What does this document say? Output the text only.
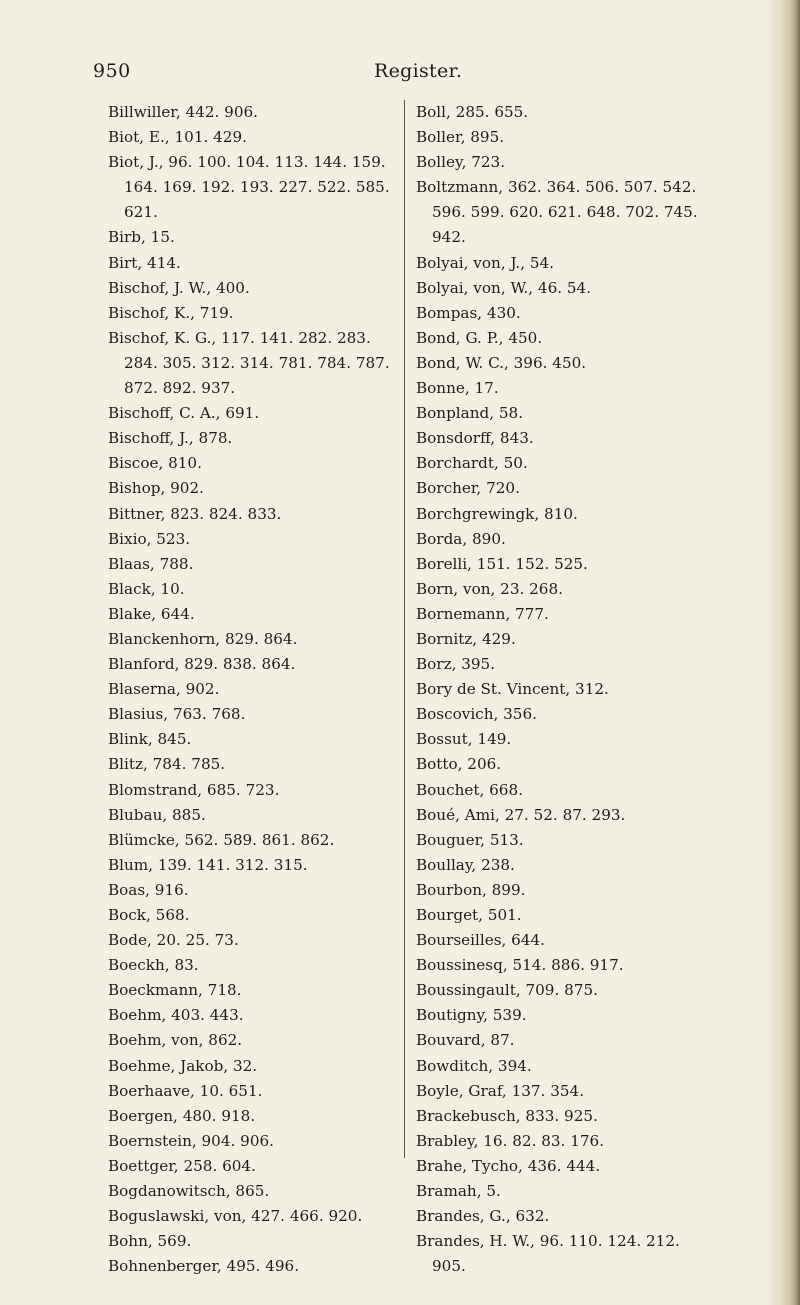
950	Register.
Billwiller, 442. 906.
Biot, E., 101. 429.
Biot, J., 96. 100. 104. 113. 144. 159.
164. 169. 192. 193. 227. 522. 585.
621.
Birb, 15.
Birt, 414.
Bischof, J. W., 400.
Bischof, K., 719.
Bischof, K. G., 117. 141. 282. 283.
284. 305. 312. 314. 781. 784. 787.
872. 892. 937.
Bischoff, C. A., 691.
Bischoff, J., 878.
Biscoe, 810.
Bishop, 902.
Bittner, 823. 824. 833.
Bixio, 523.
Blaas, 788.
Black, 10.
Blake, 644.
Blanckenhorn, 829. 864.
Blanford, 829. 838. 864.
Blaserna, 902.
Blasius, 763. 768.
Blink, 845.
Blitz, 784. 785.
Blomstrand, 685. 723.
Blubau, 885.
Blümcke, 562. 589. 861. 862.
Blum, 139. 141. 312. 315.
Boas, 916.
Bock, 568.
Bode, 20. 25. 73.
Boeckh, 83.
Boeckmann, 718.
Boehm, 403. 443.
Boehm, von, 862.
Boehme, Jakob, 32.
Boerhaave, 10. 651.
Boergen, 480. 918.
Boernstein, 904. 906.
Boettger, 258. 604.
Bogdanowitsch, 865.
Boguslawski, von, 427. 466. 920.
Bohn, 569.
Bohnenberger, 495. 496.
Boll, 285. 655.
Boller, 895.
Bolley, 723.
Boltzmann, 362. 364. 506. 507. 542.
596. 599. 620. 621. 648. 702. 745.
942.
Bolyai, von, J., 54.
Bolyai, von, W., 46. 54.
Bompas, 430.
Bond, G. P., 450.
Bond, W. C., 396. 450.
Bonne, 17.
Bonpland, 58.
Bonsdorff, 843.
Borchardt, 50.
Borcher, 720.
Borchgrewingk, 810.
Borda, 890.
Borelli, 151. 152. 525.
Born, von, 23. 268.
Bornemann, 777.
Bornitz, 429.
Borz, 395.
Bory de St. Vincent, 312.
Boscovich, 356.
Bossut, 149.
Botto, 206.
Bouchet, 668.
Boué, Ami, 27. 52. 87. 293.
Bouguer, 513.
Boullay, 238.
Bourbon, 899.
Bourget, 501.
Bourseilles, 644.
Boussinesq, 514. 886. 917.
Boussingault, 709. 875.
Boutigny, 539.
Bouvard, 87.
Bowditch, 394.
Boyle, Graf, 137. 354.
Brackebusch, 833. 925.
Brabley, 16. 82. 83. 176.
Brahe, Tycho, 436. 444.
Bramah, 5.
Brandes, G., 632.
Brandes, H. W., 96. 110. 124. 212.
905.
